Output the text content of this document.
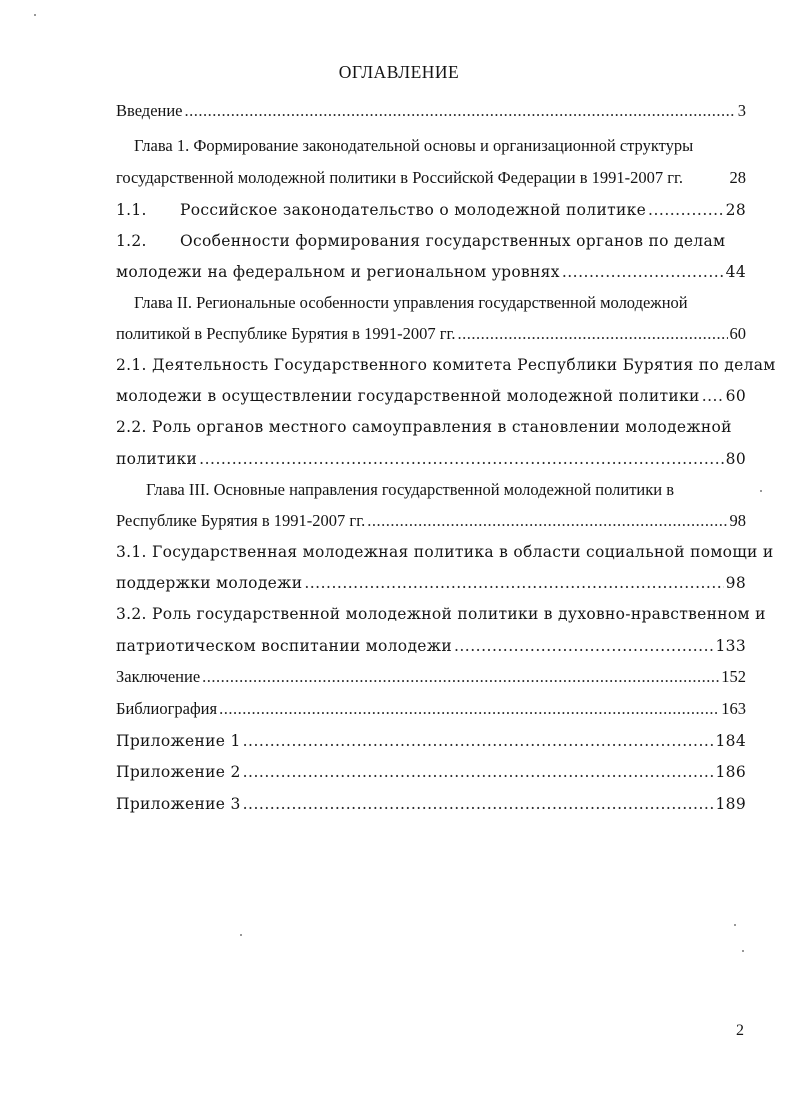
ОГЛАВЛЕНИЕ
Введение .....	3
Глава 1. Формирование законодательной основы и организационной структуры
государственной молодежной политики в Российской Федерации в 1991-2007 гг.	28
1.1. Российское законодательство о молодежной политике .....	28
1.2. Особенности формирования государственных органов по делам
молодежи на федеральном и региональном уровнях .....	44
Глава II. Региональные особенности управления государственной молодежной
политикой в Республике Бурятия в 1991-2007 гг. .....	60
2.1. Деятельность Государственного комитета Республики Бурятия по делам
молодежи в осуществлении государственной молодежной политики ..... 60
2.2. Роль органов местного самоуправления в становлении молодежной
политики .....	80
Глава III. Основные направления государственной молодежной политики в
Республике Бурятия в 1991-2007 гг. .....	98
3.1. Государственная молодежная политика в области социальной помощи и
поддержки молодежи .....	98
3.2. Роль государственной молодежной политики в духовно-нравственном и
патриотическом воспитании молодежи .....	133
Заключение .....	152
Библиография .....	163
Приложение 1 .....	184
Приложение 2 .....	186
Приложение 3 .....	189
2
